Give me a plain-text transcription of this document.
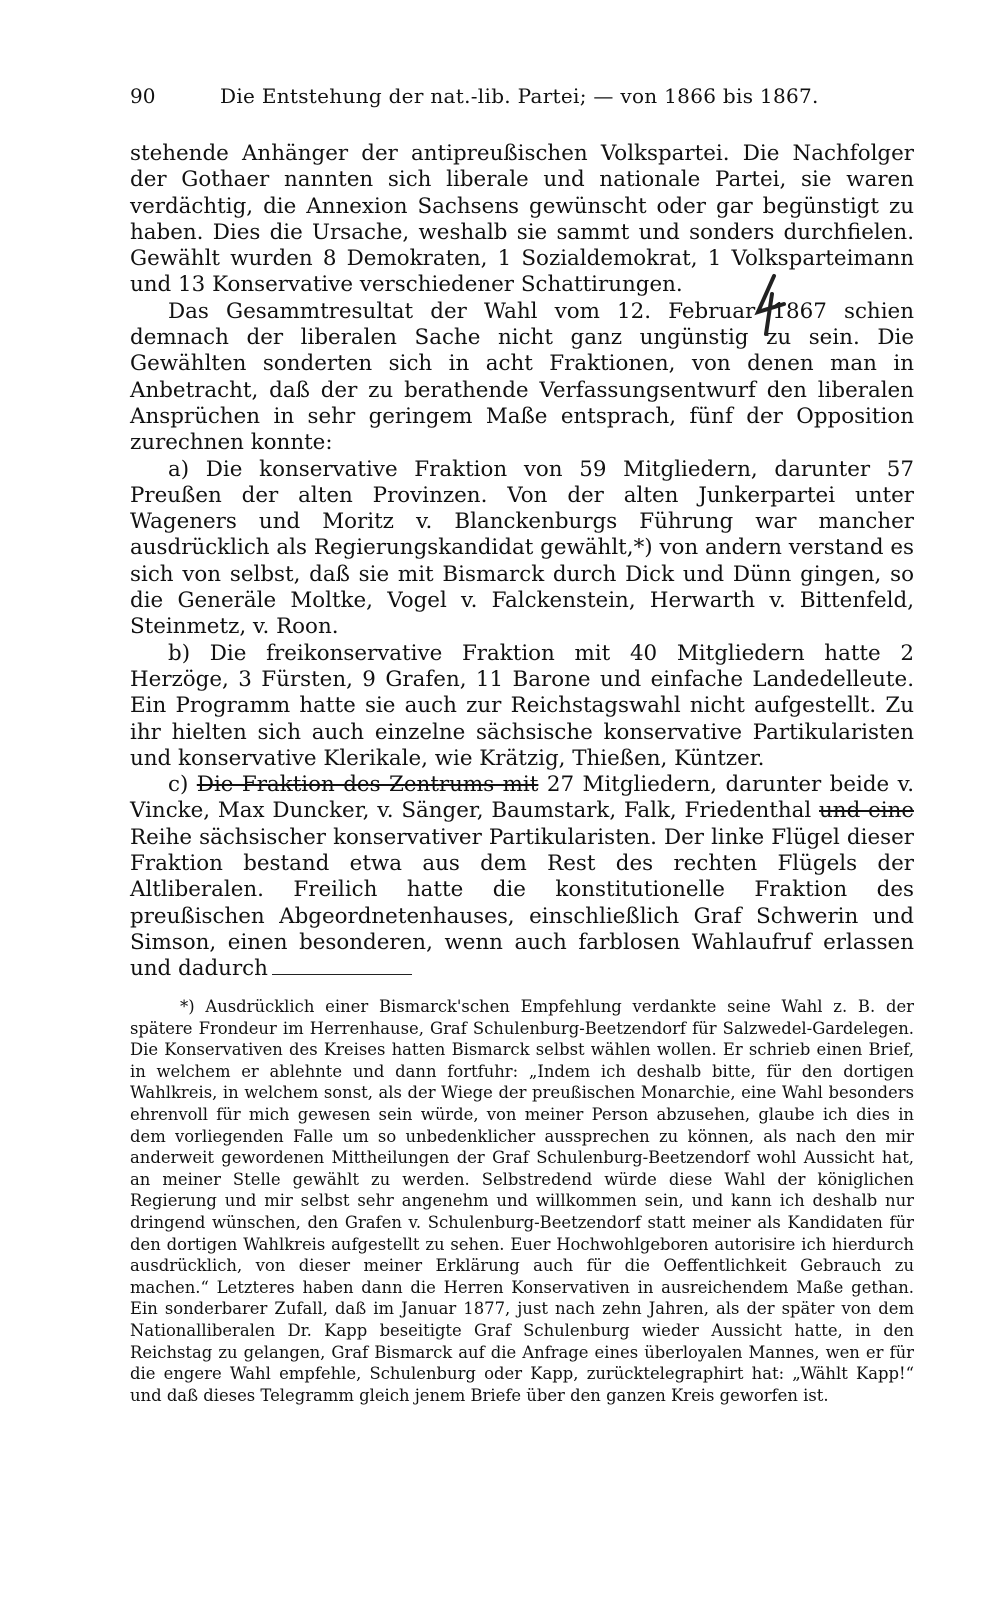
90	Die Entstehung der nat.-lib. Partei; — von 1866 bis 1867.

stehende Anhänger der antipreußischen Volkspartei. Die Nachfolger der Gothaer nannten sich liberale und nationale Partei, sie waren verdächtig, die Annexion Sachsens gewünscht oder gar begünstigt zu haben. Dies die Ursache, weshalb sie sammt und sonders durchfielen. Gewählt wurden 8 Demokraten, 1 Sozialdemokrat, 1 Volksparteimann und 13 Konservative verschiedener Schattirungen.

Das Gesammtresultat der Wahl vom 12. Februar 1867 schien demnach der liberalen Sache nicht ganz ungünstig zu sein. Die Gewählten sonderten sich in acht Fraktionen, von denen man in Anbetracht, daß der zu berathende Verfassungsentwurf den liberalen Ansprüchen in sehr geringem Maße entsprach, fünf der Opposition zurechnen konnte:

a) Die konservative Fraktion von 59 Mitgliedern, darunter 57 Preußen der alten Provinzen. Von der alten Junkerpartei unter Wageners und Moritz v. Blanckenburgs Führung war mancher ausdrücklich als Regierungskandidat gewählt,*) von andern verstand es sich von selbst, daß sie mit Bismarck durch Dick und Dünn gingen, so die Generäle Moltke, Vogel v. Falckenstein, Herwarth v. Bittenfeld, Steinmetz, v. Roon.

b) Die freikonservative Fraktion mit 40 Mitgliedern hatte 2 Herzöge, 3 Fürsten, 9 Grafen, 11 Barone und einfache Landedelleute. Ein Programm hatte sie auch zur Reichstagswahl nicht aufgestellt. Zu ihr hielten sich auch einzelne sächsische konservative Partikularisten und konservative Klerikale, wie Krätzig, Thießen, Küntzer.

c) Die Fraktion des Zentrums mit 27 Mitgliedern, darunter beide v. Vincke, Max Duncker, v. Sänger, Baumstark, Falk, Friedenthal und eine Reihe sächsischer konservativer Partikularisten. Der linke Flügel dieser Fraktion bestand etwa aus dem Rest des rechten Flügels der Altliberalen. Freilich hatte die konstitutionelle Fraktion des preußischen Abgeordnetenhauses, einschließlich Graf Schwerin und Simson, einen besonderen, wenn auch farblosen Wahlaufruf erlassen und dadurch

*) Ausdrücklich einer Bismarck'schen Empfehlung verdankte seine Wahl z. B. der spätere Frondeur im Herrenhause, Graf Schulenburg-Beetzendorf für Salzwedel-Gardelegen. Die Konservativen des Kreises hatten Bismarck selbst wählen wollen. Er schrieb einen Brief, in welchem er ablehnte und dann fortfuhr: „Indem ich deshalb bitte, für den dortigen Wahlkreis, in welchem sonst, als der Wiege der preußischen Monarchie, eine Wahl besonders ehrenvoll für mich gewesen sein würde, von meiner Person abzusehen, glaube ich dies in dem vorliegenden Falle um so unbedenklicher aussprechen zu können, als nach den mir anderweit gewordenen Mittheilungen der Graf Schulenburg-Beetzendorf wohl Aussicht hat, an meiner Stelle gewählt zu werden. Selbstredend würde diese Wahl der königlichen Regierung und mir selbst sehr angenehm und willkommen sein, und kann ich deshalb nur dringend wünschen, den Grafen v. Schulenburg-Beetzendorf statt meiner als Kandidaten für den dortigen Wahlkreis aufgestellt zu sehen. Euer Hochwohlgeboren autorisire ich hierdurch ausdrücklich, von dieser meiner Erklärung auch für die Oeffentlichkeit Gebrauch zu machen.“ Letzteres haben dann die Herren Konservativen in ausreichendem Maße gethan. Ein sonderbarer Zufall, daß im Januar 1877, just nach zehn Jahren, als der später von dem Nationalliberalen Dr. Kapp beseitigte Graf Schulenburg wieder Aussicht hatte, in den Reichstag zu gelangen, Graf Bismarck auf die Anfrage eines überloyalen Mannes, wen er für die engere Wahl empfehle, Schulenburg oder Kapp, zurücktelegraphirt hat: „Wählt Kapp!“ und daß dieses Telegramm gleich jenem Briefe über den ganzen Kreis geworfen ist.
